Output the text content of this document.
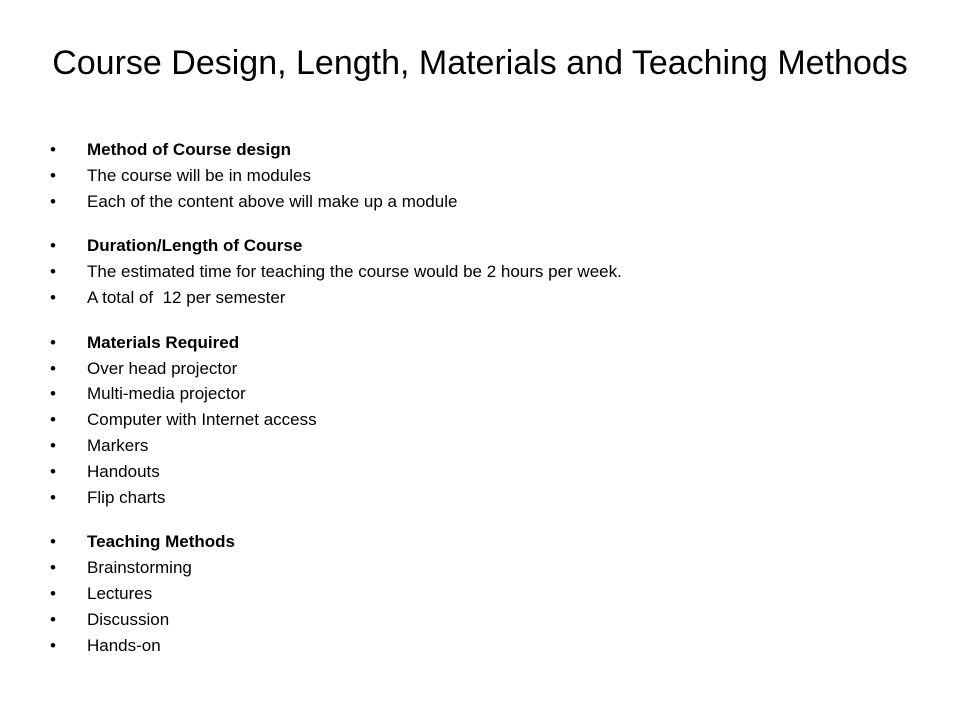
Course Design, Length, Materials and Teaching Methods
•	Method of Course design
•	The course will be in modules
•	Each of the content above will make up a module
•	Duration/Length of Course
•	The estimated time for teaching the course would be 2 hours per week.
•	A total of  12 per semester
•	Materials Required
•	Over head projector
•	Multi-media projector
•	Computer with Internet access
•	Markers
•	Handouts
•	Flip charts
•	Teaching Methods
•	Brainstorming
•	Lectures
•	Discussion
•	Hands-on
